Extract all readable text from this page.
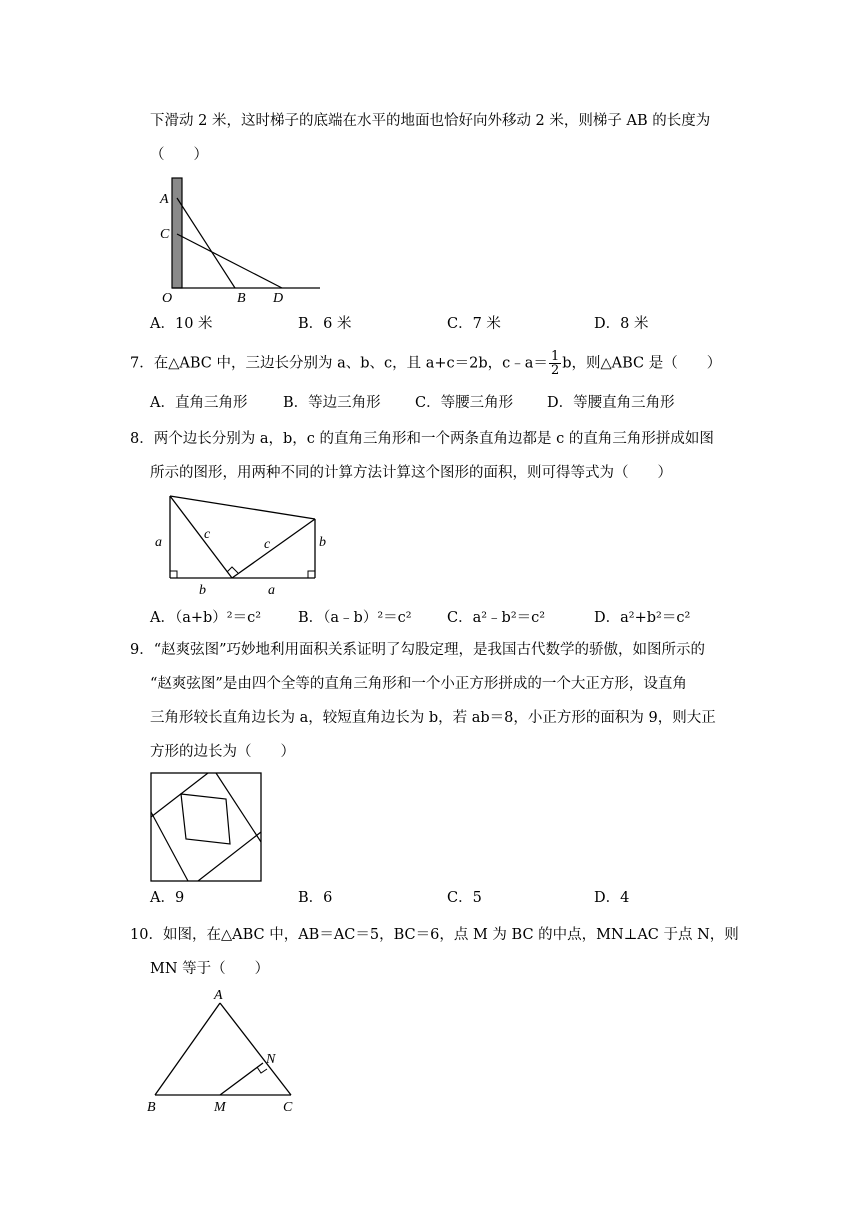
下滑动 2 米，这时梯子的底端在水平的地面也恰好向外移动 2 米，则梯子 AB 的长度为
（　　）
A
C
O	B D
A．10 米	B．6 米	C．7 米	D．8 米
7．在△ABC 中，三边长分别为 a、b、c，且 a+c＝2b，c﹣a＝ $\frac{1}{2}$ b，则△ABC 是（　　）
A．直角三角形 B．等边三角形 C．等腰三角形 D．等腰直角三角形
8．两个边长分别为 a，b，c 的直角三角形和一个两条直角边都是 c 的直角三角形拼成如图
所示的图形，用两种不同的计算方法计算这个图形的面积，则可得等式为（　　）
a
c
c	b
b	a
A．（a+b）²＝c²	B．（a﹣b）²＝c² C．a²﹣b²＝c²	D．a²+b²＝c²
9．“赵爽弦图”巧妙地利用面积关系证明了勾股定理，是我国古代数学的骄傲，如图所示的
“赵爽弦图”是由四个全等的直角三角形和一个小正方形拼成的一个大正方形，设直角
三角形较长直角边长为 a，较短直角边长为 b，若 ab＝8，小正方形的面积为 9，则大正
方形的边长为（　　）
A．9	B．6	C．5	D．4
10．如图，在△ABC 中，AB＝AC＝5，BC＝6，点 M 为 BC 的中点，MN⊥AC 于点 N，则
MN 等于（　　）
A
N
B	M	C
